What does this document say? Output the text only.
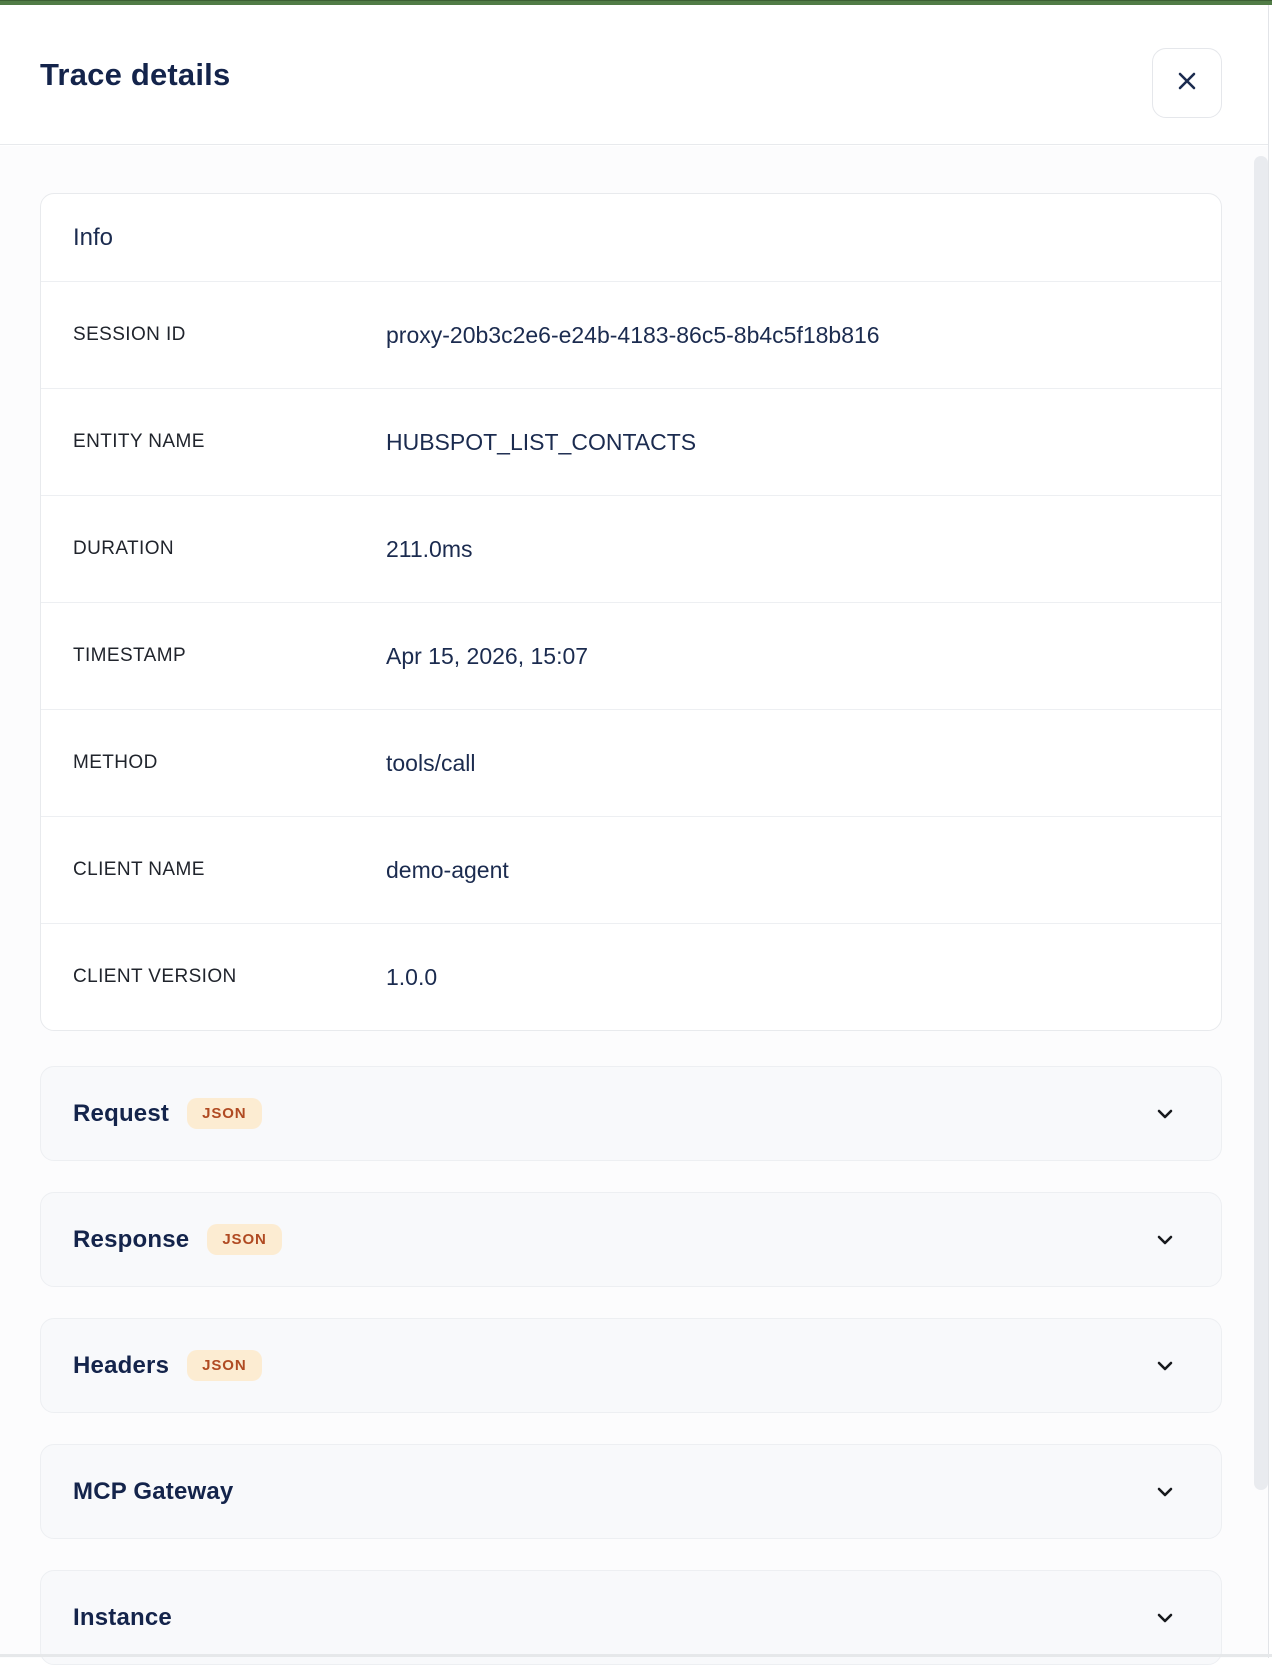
Trace details
Info
SESSION ID	proxy-20b3c2e6-e24b-4183-86c5-8b4c5f18b816
ENTITY NAME	HUBSPOT_LIST_CONTACTS
DURATION	211.0ms
TIMESTAMP	Apr 15, 2026, 15:07
METHOD	tools/call
CLIENT NAME	demo-agent
CLIENT VERSION	1.0.0
Request	JSON
Response	JSON
Headers	JSON
MCP Gateway
Instance
